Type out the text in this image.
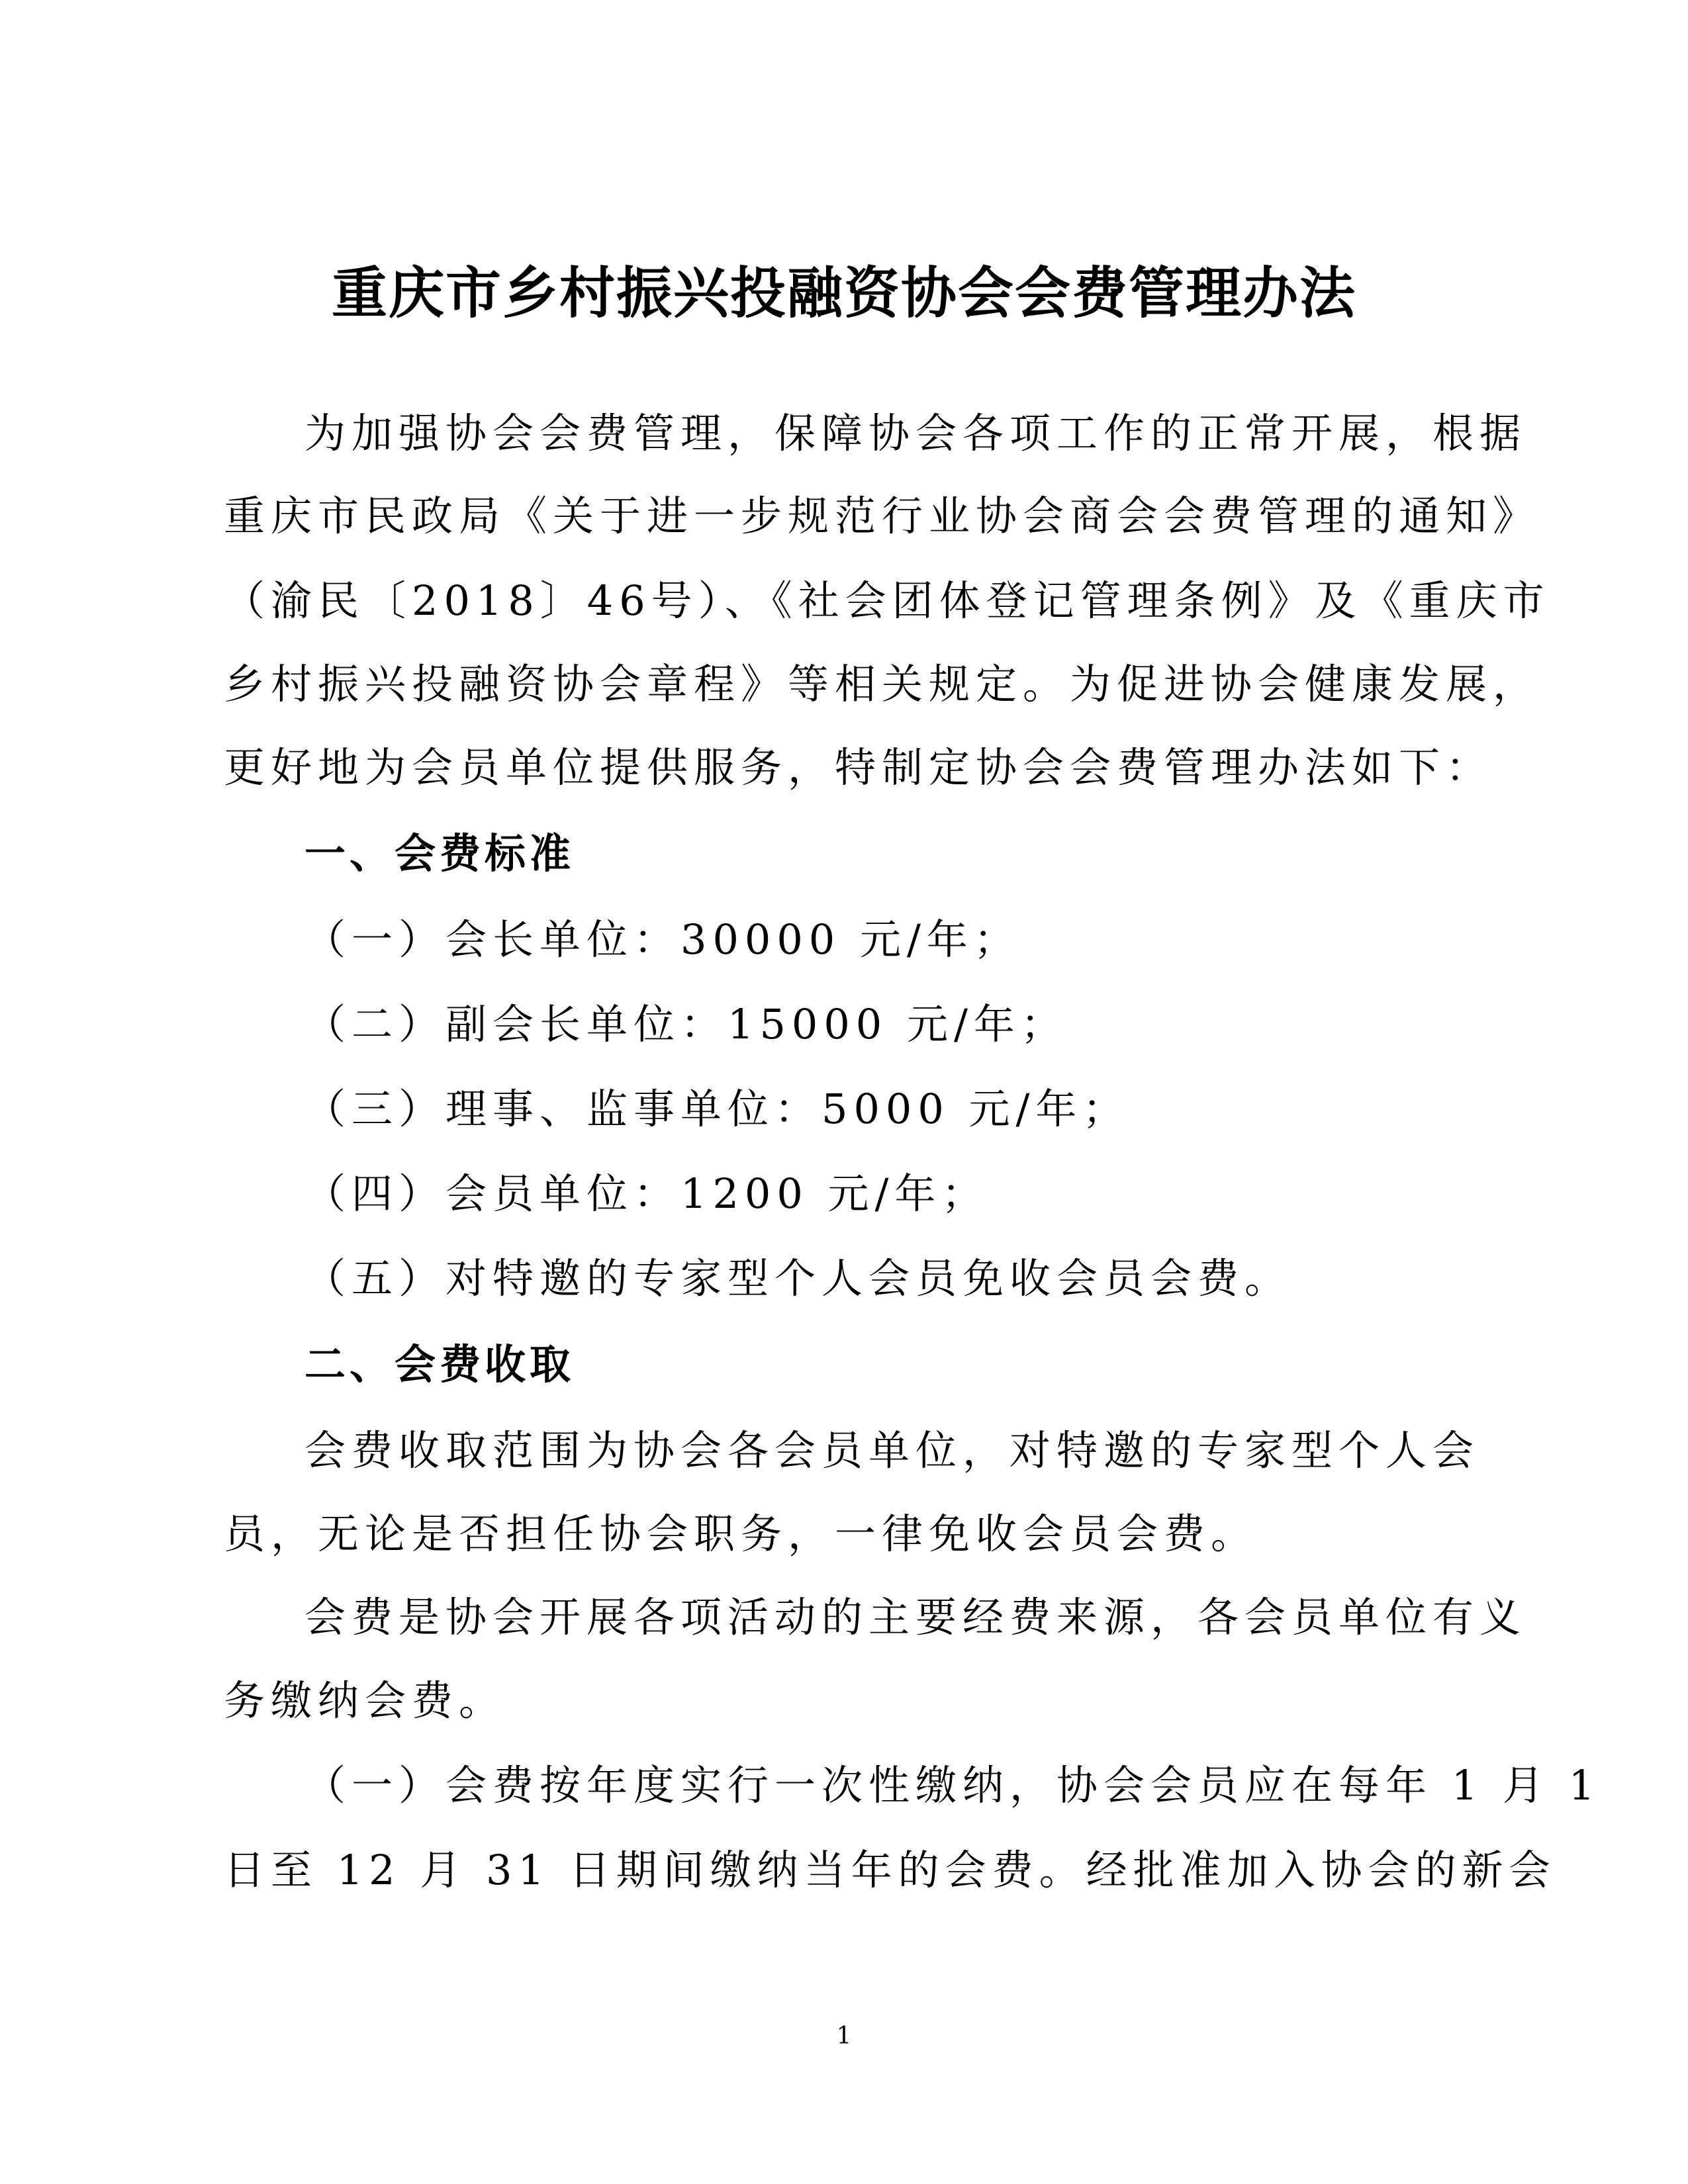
重庆市乡村振兴投融资协会会费管理办法
为加强协会会费管理，保障协会各项工作的正常开展，根据
重庆市民政局《关于进一步规范行业协会商会会费管理的通知》
（渝民〔2018〕46号）、《社会团体登记管理条例》及《重庆市
乡村振兴投融资协会章程》等相关规定。为促进协会健康发展，
更好地为会员单位提供服务，特制定协会会费管理办法如下：
一、会费标准
（一）会长单位：30000 元/年；
（二）副会长单位：15000 元/年；
（三）理事、监事单位：5000 元/年；
（四）会员单位：1200 元/年；
（五）对特邀的专家型个人会员免收会员会费。
二、会费收取
会费收取范围为协会各会员单位，对特邀的专家型个人会
员，无论是否担任协会职务，一律免收会员会费。
会费是协会开展各项活动的主要经费来源，各会员单位有义
务缴纳会费。
（一）会费按年度实行一次性缴纳，协会会员应在每年 1 月 1
日至 12 月 31 日期间缴纳当年的会费。经批准加入协会的新会
1
